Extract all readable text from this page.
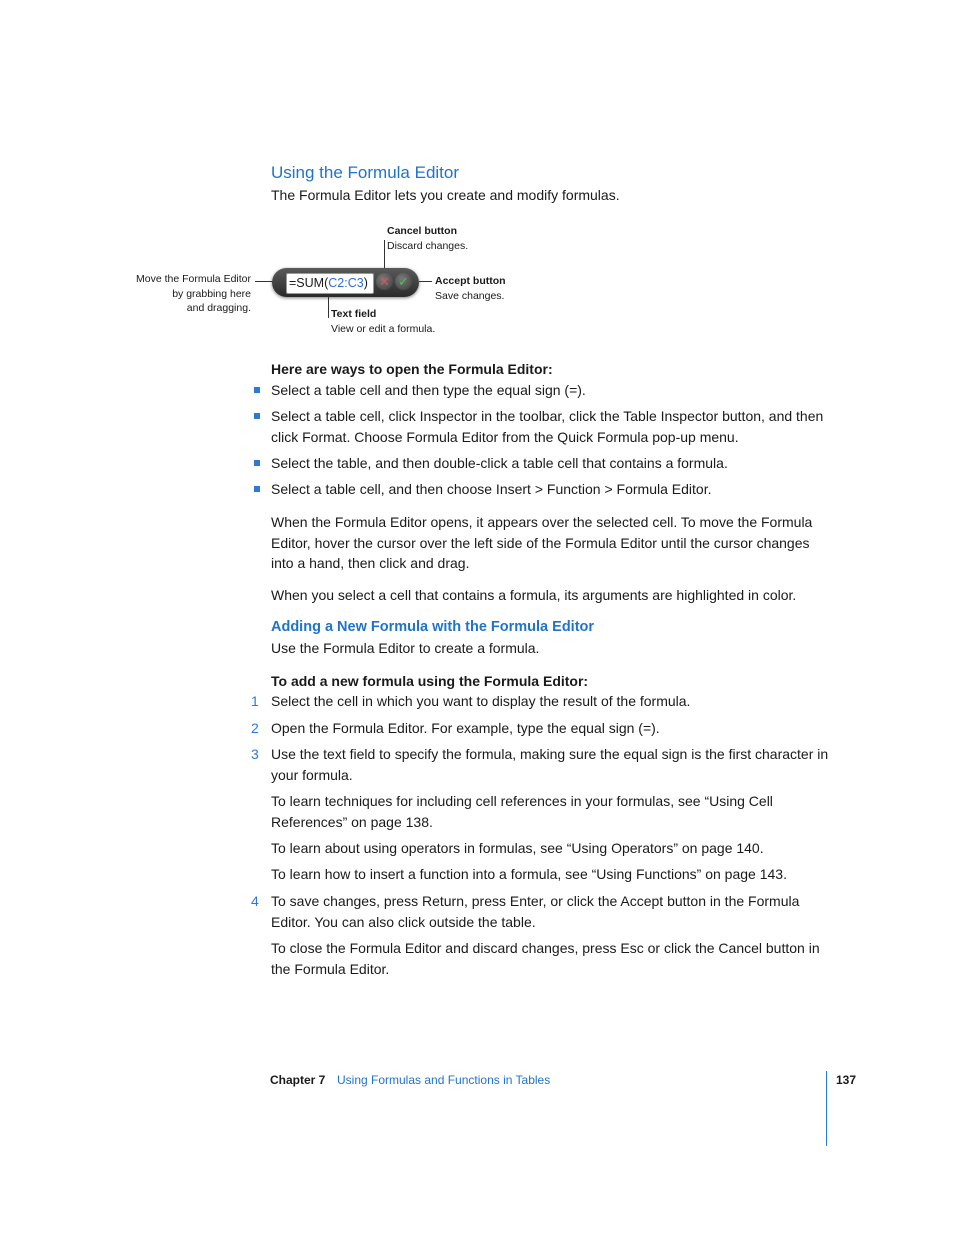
Using the Formula Editor
The Formula Editor lets you create and modify formulas.
Cancel button
Discard changes.
Move the Formula Editor
by grabbing here
and dragging.
=SUM(C2:C3) ✕ ✓ Accept button
Save changes.
Text field
View or edit a formula.
Here are ways to open the Formula Editor:
Select a table cell and then type the equal sign (=).
Select a table cell, click Inspector in the toolbar, click the Table Inspector button, and then click Format. Choose Formula Editor from the Quick Formula pop-up menu.
Select the table, and then double-click a table cell that contains a formula.
Select a table cell, and then choose Insert > Function > Formula Editor.
When the Formula Editor opens, it appears over the selected cell. To move the Formula Editor, hover the cursor over the left side of the Formula Editor until the cursor changes into a hand, then click and drag.
When you select a cell that contains a formula, its arguments are highlighted in color.
Adding a New Formula with the Formula Editor
Use the Formula Editor to create a formula.
To add a new formula using the Formula Editor:
1 Select the cell in which you want to display the result of the formula.
2 Open the Formula Editor. For example, type the equal sign (=).
3 Use the text field to specify the formula, making sure the equal sign is the first character in your formula.
To learn techniques for including cell references in your formulas, see “Using Cell References” on page 138.
To learn about using operators in formulas, see “Using Operators” on page 140.
To learn how to insert a function into a formula, see “Using Functions” on page 143.
4 To save changes, press Return, press Enter, or click the Accept button in the Formula Editor. You can also click outside the table.
To close the Formula Editor and discard changes, press Esc or click the Cancel button in the Formula Editor.
Chapter 7 Using Formulas and Functions in Tables	137
